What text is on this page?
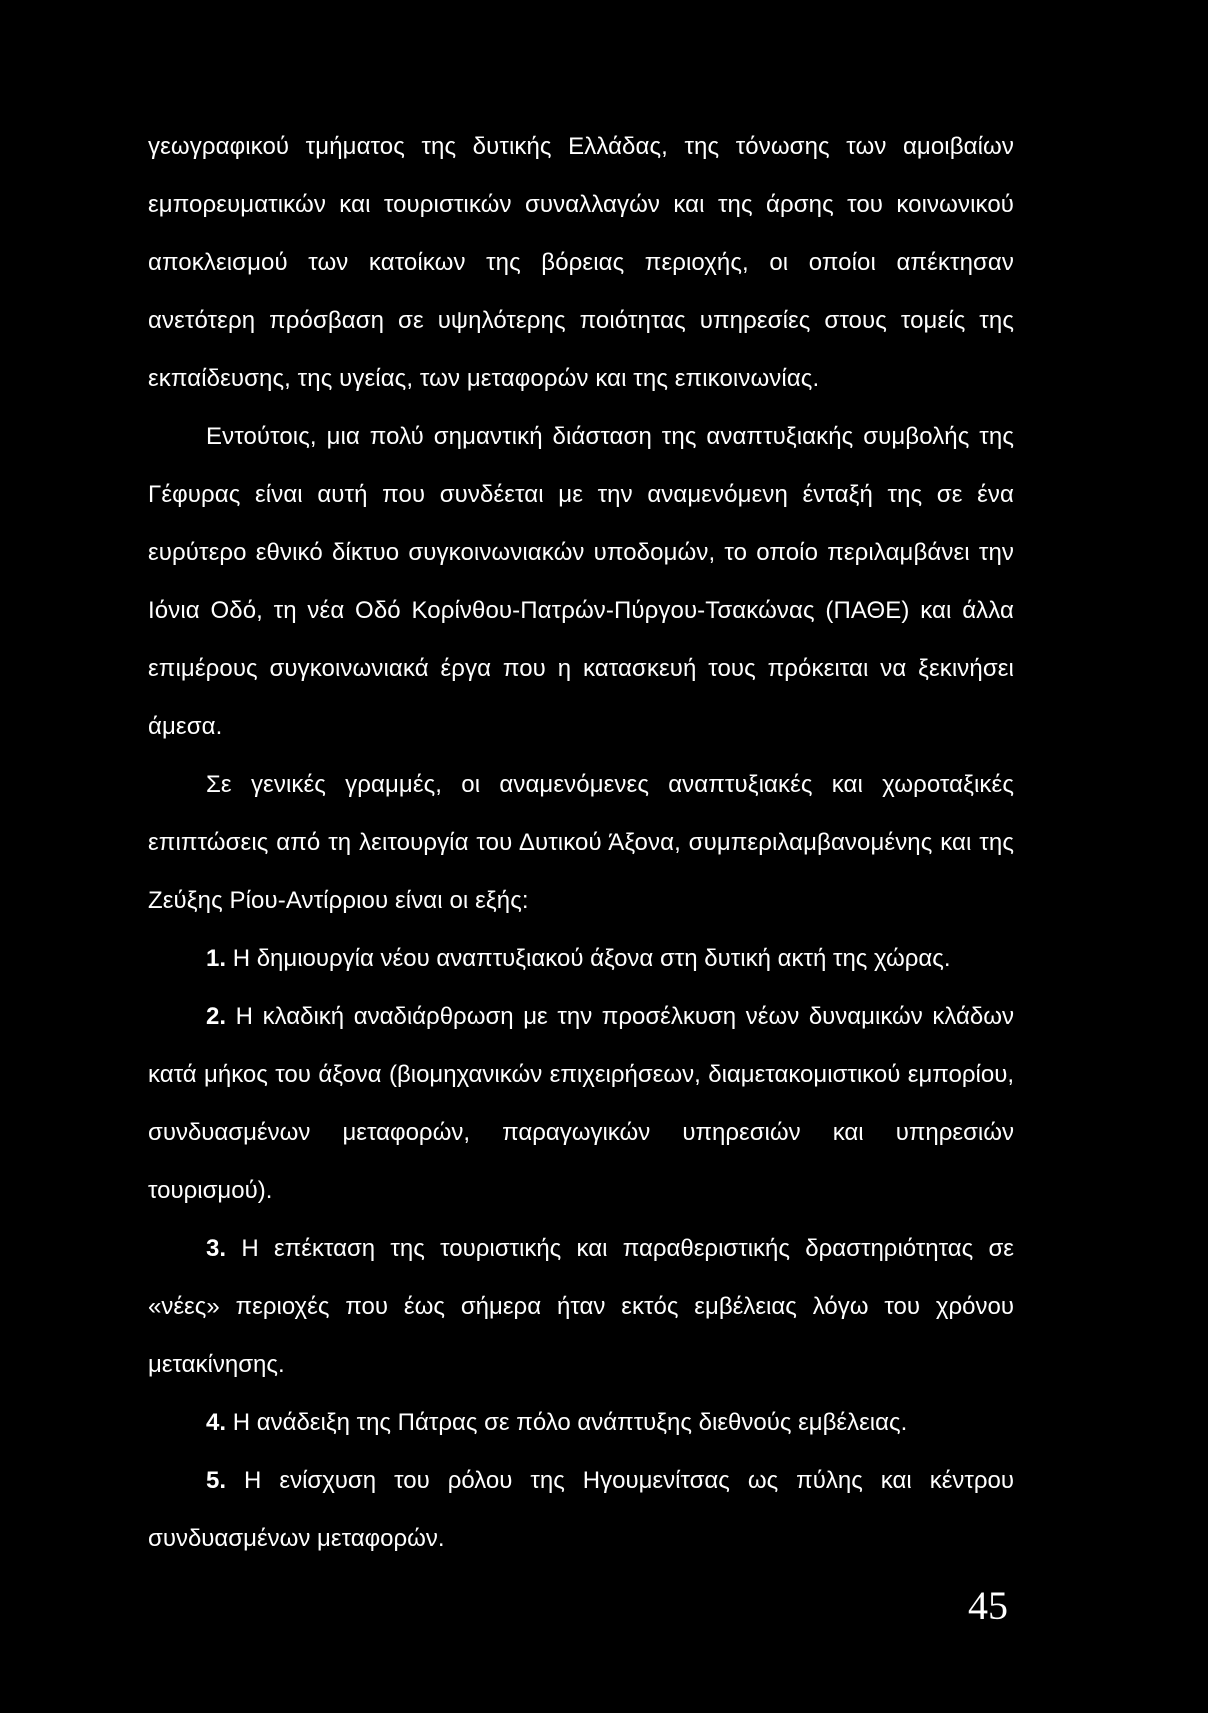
γεωγραφικού τμήματος της δυτικής Ελλάδας, της τόνωσης των αμοιβαίων εμπορευματικών και τουριστικών συναλλαγών και της άρσης του κοινωνικού αποκλεισμού των κατοίκων της βόρειας περιοχής, οι οποίοι απέκτησαν ανετότερη πρόσβαση σε υψηλότερης ποιότητας υπηρεσίες στους τομείς της εκπαίδευσης, της υγείας, των μεταφορών και της επικοινωνίας.

Εντούτοις, μια πολύ σημαντική διάσταση της αναπτυξιακής συμβολής της Γέφυρας είναι αυτή που συνδέεται με την αναμενόμενη ένταξή της σε ένα ευρύτερο εθνικό δίκτυο συγκοινωνιακών υποδομών, το οποίο περιλαμβάνει την Ιόνια Οδό, τη νέα Οδό Κορίνθου-Πατρών-Πύργου-Τσακώνας (ΠΑΘΕ) και άλλα επιμέρους συγκοινωνιακά έργα που η κατασκευή τους πρόκειται να ξεκινήσει άμεσα.

Σε γενικές γραμμές, οι αναμενόμενες αναπτυξιακές και χωροταξικές επιπτώσεις από τη λειτουργία του Δυτικού Άξονα, συμπεριλαμβανομένης και της Ζεύξης Ρίου-Αντίρριου είναι οι εξής:

1. Η δημιουργία νέου αναπτυξιακού άξονα στη δυτική ακτή της χώρας.

2. Η κλαδική αναδιάρθρωση με την προσέλκυση νέων δυναμικών κλάδων κατά μήκος του άξονα (βιομηχανικών επιχειρήσεων, διαμετακομιστικού εμπορίου, συνδυασμένων μεταφορών, παραγωγικών υπηρεσιών και υπηρεσιών τουρισμού).

3. Η επέκταση της τουριστικής και παραθεριστικής δραστηριότητας σε «νέες» περιοχές που έως σήμερα ήταν εκτός εμβέλειας λόγω του χρόνου μετακίνησης.

4. Η ανάδειξη της Πάτρας σε πόλο ανάπτυξης διεθνούς εμβέλειας.

5. Η ενίσχυση του ρόλου της Ηγουμενίτσας ως πύλης και κέντρου συνδυασμένων μεταφορών.

45
